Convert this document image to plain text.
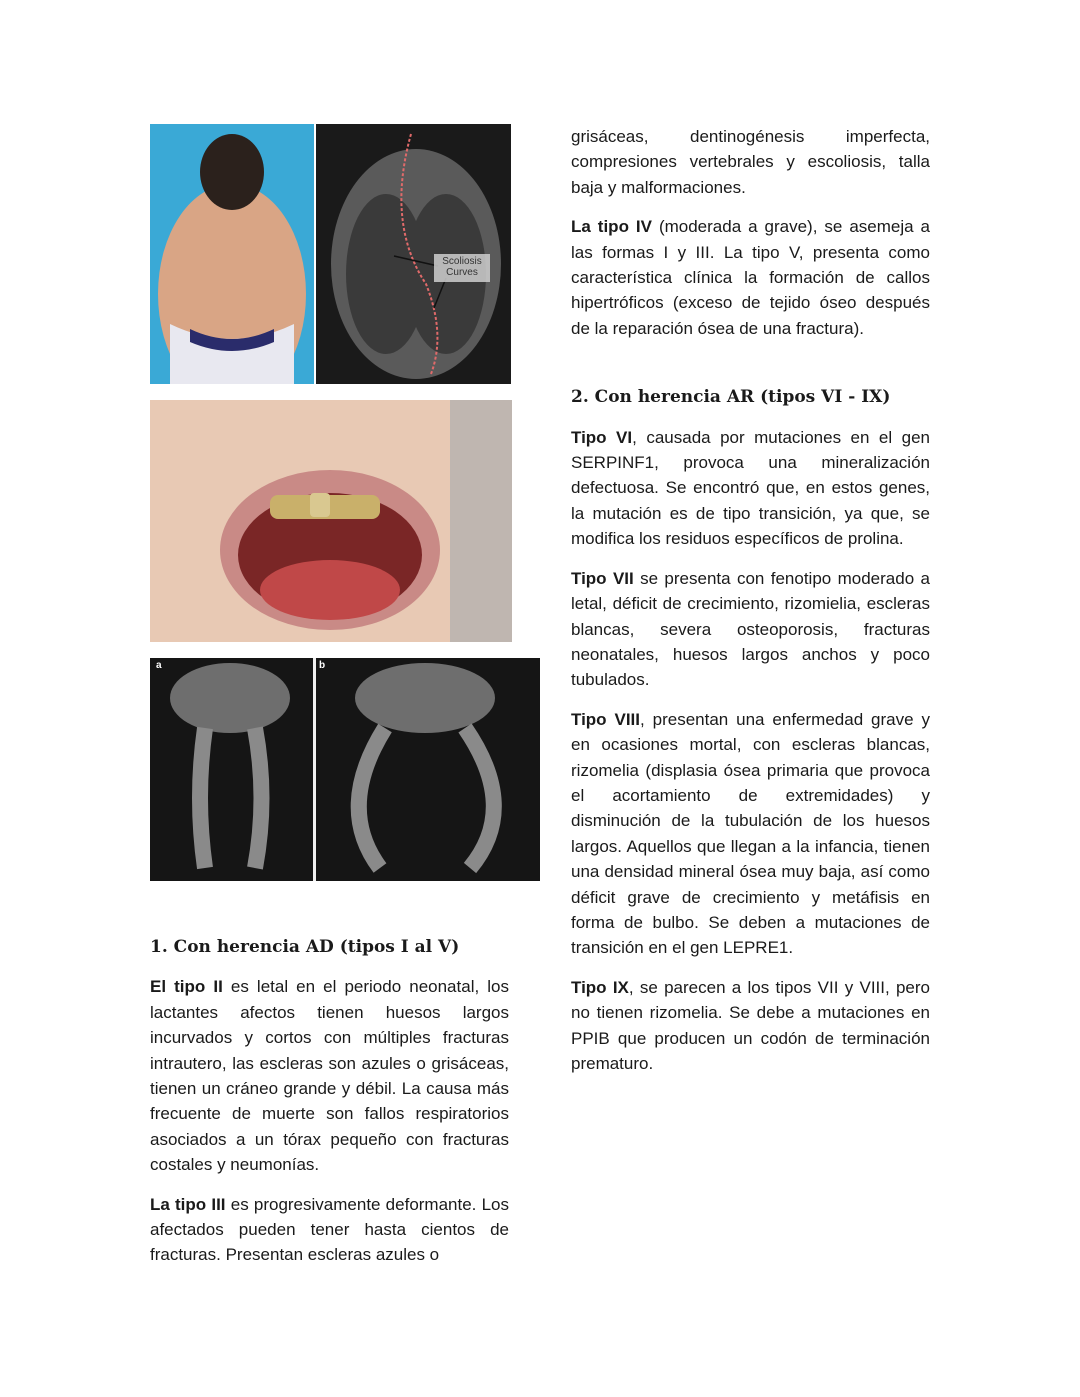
Scoliosis Curves
a	b

1. Con herencia AD (tipos I al V)

El tipo II es letal en el periodo neonatal, los lactantes afectos tienen huesos largos incurvados y cortos con múltiples fracturas intrautero, las escleras son azules o grisáceas, tienen un cráneo grande y débil. La causa más frecuente de muerte son fallos respiratorios asociados a un tórax pequeño con fracturas costales y neumonías.

La tipo III es progresivamente deformante. Los afectados pueden tener hasta cientos de fracturas. Presentan escleras azules o

grisáceas, dentinogénesis imperfecta, compresiones vertebrales y escoliosis, talla baja y malformaciones.

La tipo IV (moderada a grave), se asemeja a las formas I y III. La tipo V, presenta como característica clínica la formación de callos hipertróficos (exceso de tejido óseo después de la reparación ósea de una fractura).

2. Con herencia AR (tipos VI - IX)

Tipo VI, causada por mutaciones en el gen SERPINF1, provoca una mineralización defectuosa. Se encontró que, en estos genes, la mutación es de tipo transición, ya que, se modifica los residuos específicos de prolina.

Tipo VII se presenta con fenotipo moderado a letal, déficit de crecimiento, rizomielia, escleras blancas, severa osteoporosis, fracturas neonatales, huesos largos anchos y poco tubulados.

Tipo VIII, presentan una enfermedad grave y en ocasiones mortal, con escleras blancas, rizomelia (displasia ósea primaria que provoca el acortamiento de extremidades) y disminución de la tubulación de los huesos largos. Aquellos que llegan a la infancia, tienen una densidad mineral ósea muy baja, así como déficit grave de crecimiento y metáfisis en forma de bulbo. Se deben a mutaciones de transición en el gen LEPRE1.

Tipo IX, se parecen a los tipos VII y VIII, pero no tienen rizomelia. Se debe a mutaciones en PPIB que producen un codón de terminación prematuro.
